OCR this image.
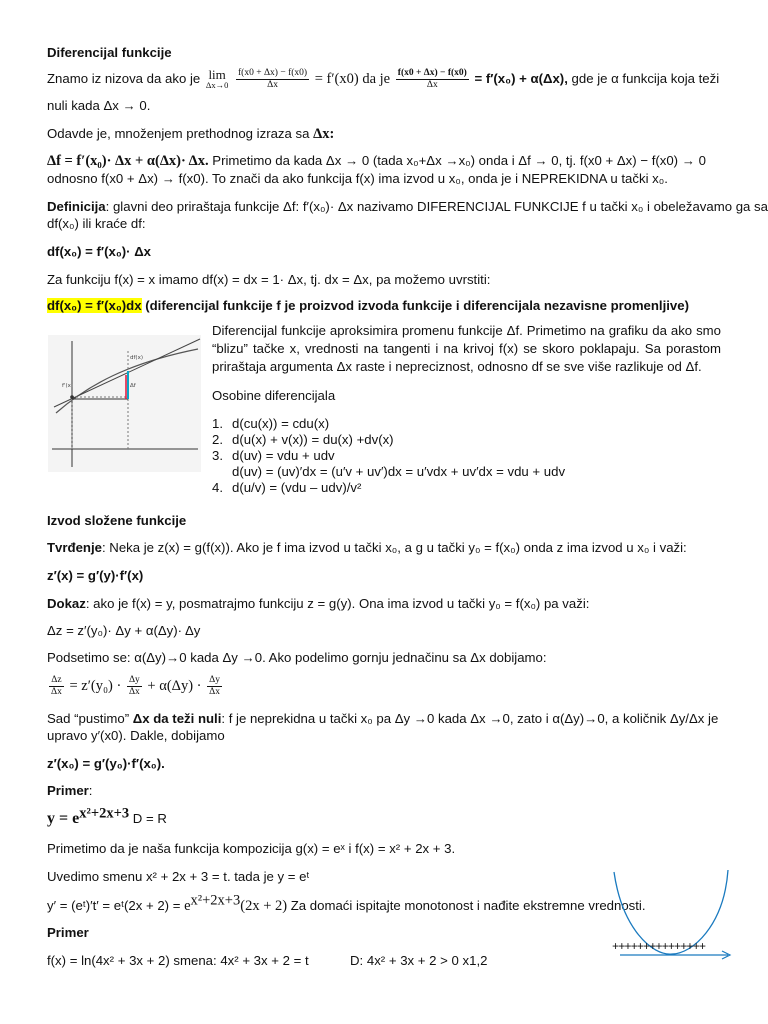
Diferencijal funkcije
Znamo iz nizova da ako je lim
Δx→0
$\frac{f(x0 + \Delta x) - f(x0)}{\Delta x} = f'(x0)$ da je $\frac{f(x0 + \Delta x) - f(x0)}{\Delta x} = f'(x_0) + \alpha(\Delta x)$, gde je α funkcija koja teži
nuli kada Δx → 0.
Odavde je, množenjem prethodnog izraza sa Δx:
Δf = f′(x₀)· Δx + α(Δx)· Δx. Primetimo da kada Δx → 0 (tada x₀+Δx →x₀) onda i Δf → 0, tj. f(x0 + Δx) − f(x0) → 0
odnosno f(x0 + Δx) → f(x0). To znači da ako funkcija f(x) ima izvod u x₀, onda je i NEPREKIDNA u tački x₀.
Definicija: glavni deo priraštaja funkcije Δf: f′(x₀)· Δx nazivamo DIFERENCIJAL FUNKCIJE f u tački x₀ i obeležavamo ga sa
df(x₀) ili kraće df:
df(x₀) = f′(x₀)· Δx
Za funkciju f(x) = x imamo df(x) = dx = 1· Δx, tj. dx = Δx, pa možemo uvrstiti:
df(x₀) = f′(x₀)dx (diferencijal funkcije f je proizvod izvoda funkcije i diferencijala nezavisne promenljive)
df(x)
f'(x)	Δf
Diferencijal funkcije aproksimira promenu funkcije Δf. Primetimo na grafiku da ako smo “blizu” tačke x, vrednosti na tangenti i na krivoj f(x) se skoro poklapaju. Sa porastom priraštaja argumenta Δx raste i nepreciznost, odnosno df se sve više razlikuje od Δf.
Osobine diferencijala
1. d(cu(x)) = cdu(x)
2. d(u(x) + v(x)) = du(x) +dv(x)
3. d(uv) = vdu + udv
d(uv) = (uv)′dx = (u′v + uv′)dx = u′vdx + uv′dx = vdu + udv
4. d(u/v) = (vdu – udv)/v²
Izvod složene funkcije
Tvrđenje: Neka je z(x) = g(f(x)). Ako je f ima izvod u tački x₀, a g u tački y₀ = f(x₀) onda z ima izvod u x₀ i važi:
z′(x) = g′(y)·f′(x)
Dokaz: ako je f(x) = y, posmatrajmo funkciju z = g(y). Ona ima izvod u tački y₀ = f(x₀) pa važi:
Δz = z′(y₀)· Δy + α(Δy)· Δy
Podsetimo se: α(Δy)→0 kada Δy →0. Ako podelimo gornju jednačinu sa Δx dobijamo:
$\frac{\Delta z}{\Delta x} = z'(y_0) \cdot \frac{\Delta y}{\Delta x} + \alpha(\Delta y) \cdot \frac{\Delta y}{\Delta x}$
Sad “pustimo” Δx da teži nuli: f je neprekidna u tački x₀ pa Δy →0 kada Δx →0, zato i α(Δy)→0, a količnik Δy/Δx je
upravo y′(x0). Dakle, dobijamo
z′(x₀) = g′(y₀)·f′(x₀).
Primer:
$y = e^{x^2+2x+3}$ D = R
Primetimo da je naša funkcija kompozicija g(x) = eˣ i f(x) = x² + 2x + 3.
Uvedimo smenu x² + 2x + 3 = t. tada je y = eᵗ
y′ = (eᵗ)′t′ = eᵗ(2x + $2) = e^{x^2+2x+3}(2x + 2)$ Za domaći ispitajte monotonost i nađite ekstremne vrednosti.
Primer
f(x) = ln(4x² + 3x + 2) smena: 4x² + 3x + 2 = t	D: 4x² + 3x + 2 > 0 x1,2
+++++++++++++++
